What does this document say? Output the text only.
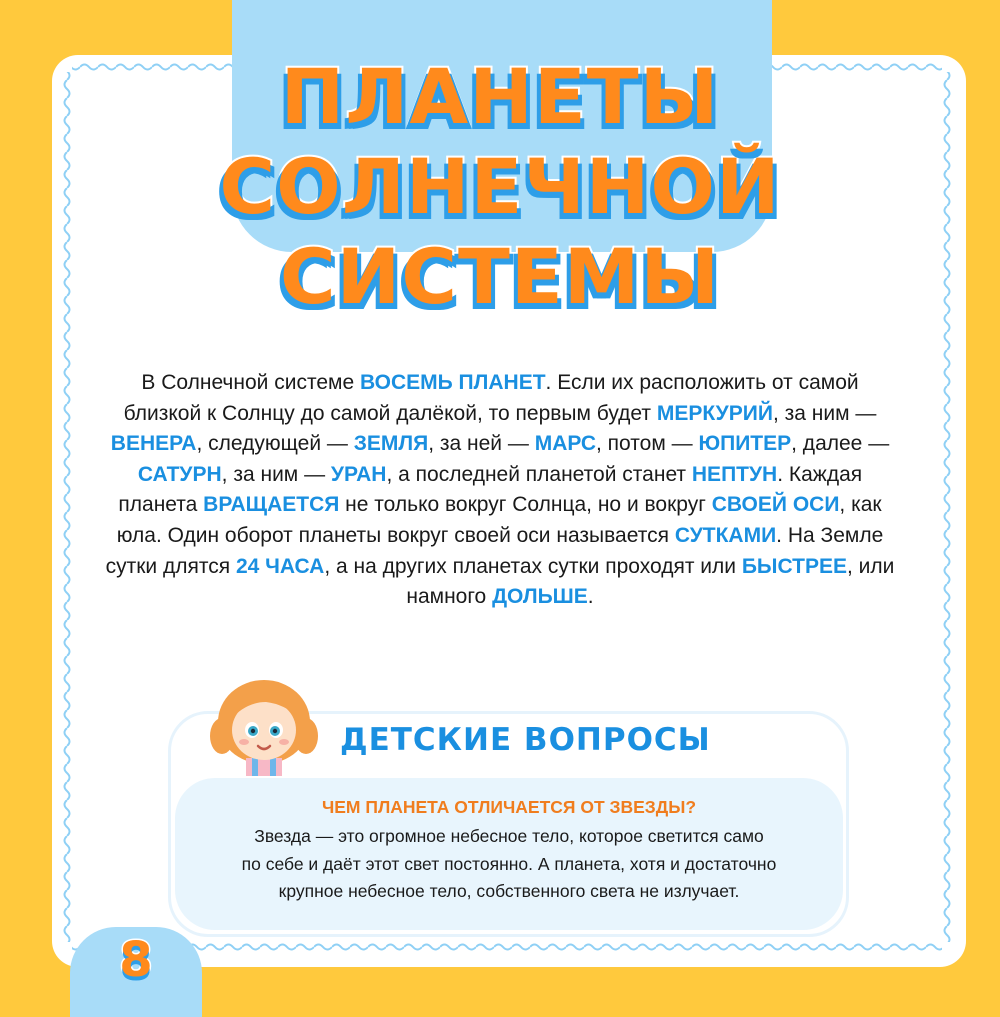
ПЛАНЕТЫ
СОЛНЕЧНОЙ
СИСТЕМЫ
В Солнечной системе ВОСЕМЬ ПЛАНЕТ. Если их расположить от самой близкой к Солнцу до самой далёкой, то первым будет МЕРКУРИЙ, за ним — ВЕНЕРА, следующей — ЗЕМЛЯ, за ней — МАРС, потом — ЮПИТЕР, далее — САТУРН, за ним — УРАН, а последней планетой станет НЕПТУН. Каждая планета ВРАЩАЕТСЯ не только вокруг Солнца, но и вокруг СВОЕЙ ОСИ, как юла. Один оборот планеты вокруг своей оси называется СУТКАМИ. На Земле сутки длятся 24 ЧАСА, а на других планетах сутки проходят или БЫСТРЕЕ, или намного ДОЛЬШЕ.
ДЕТСКИЕ ВОПРОСЫ
ЧЕМ ПЛАНЕТА ОТЛИЧАЕТСЯ ОТ ЗВЕЗДЫ?
Звезда — это огромное небесное тело, которое светится само
по себе и даёт этот свет постоянно. А планета, хотя и достаточно
крупное небесное тело, собственного света не излучает.
8
